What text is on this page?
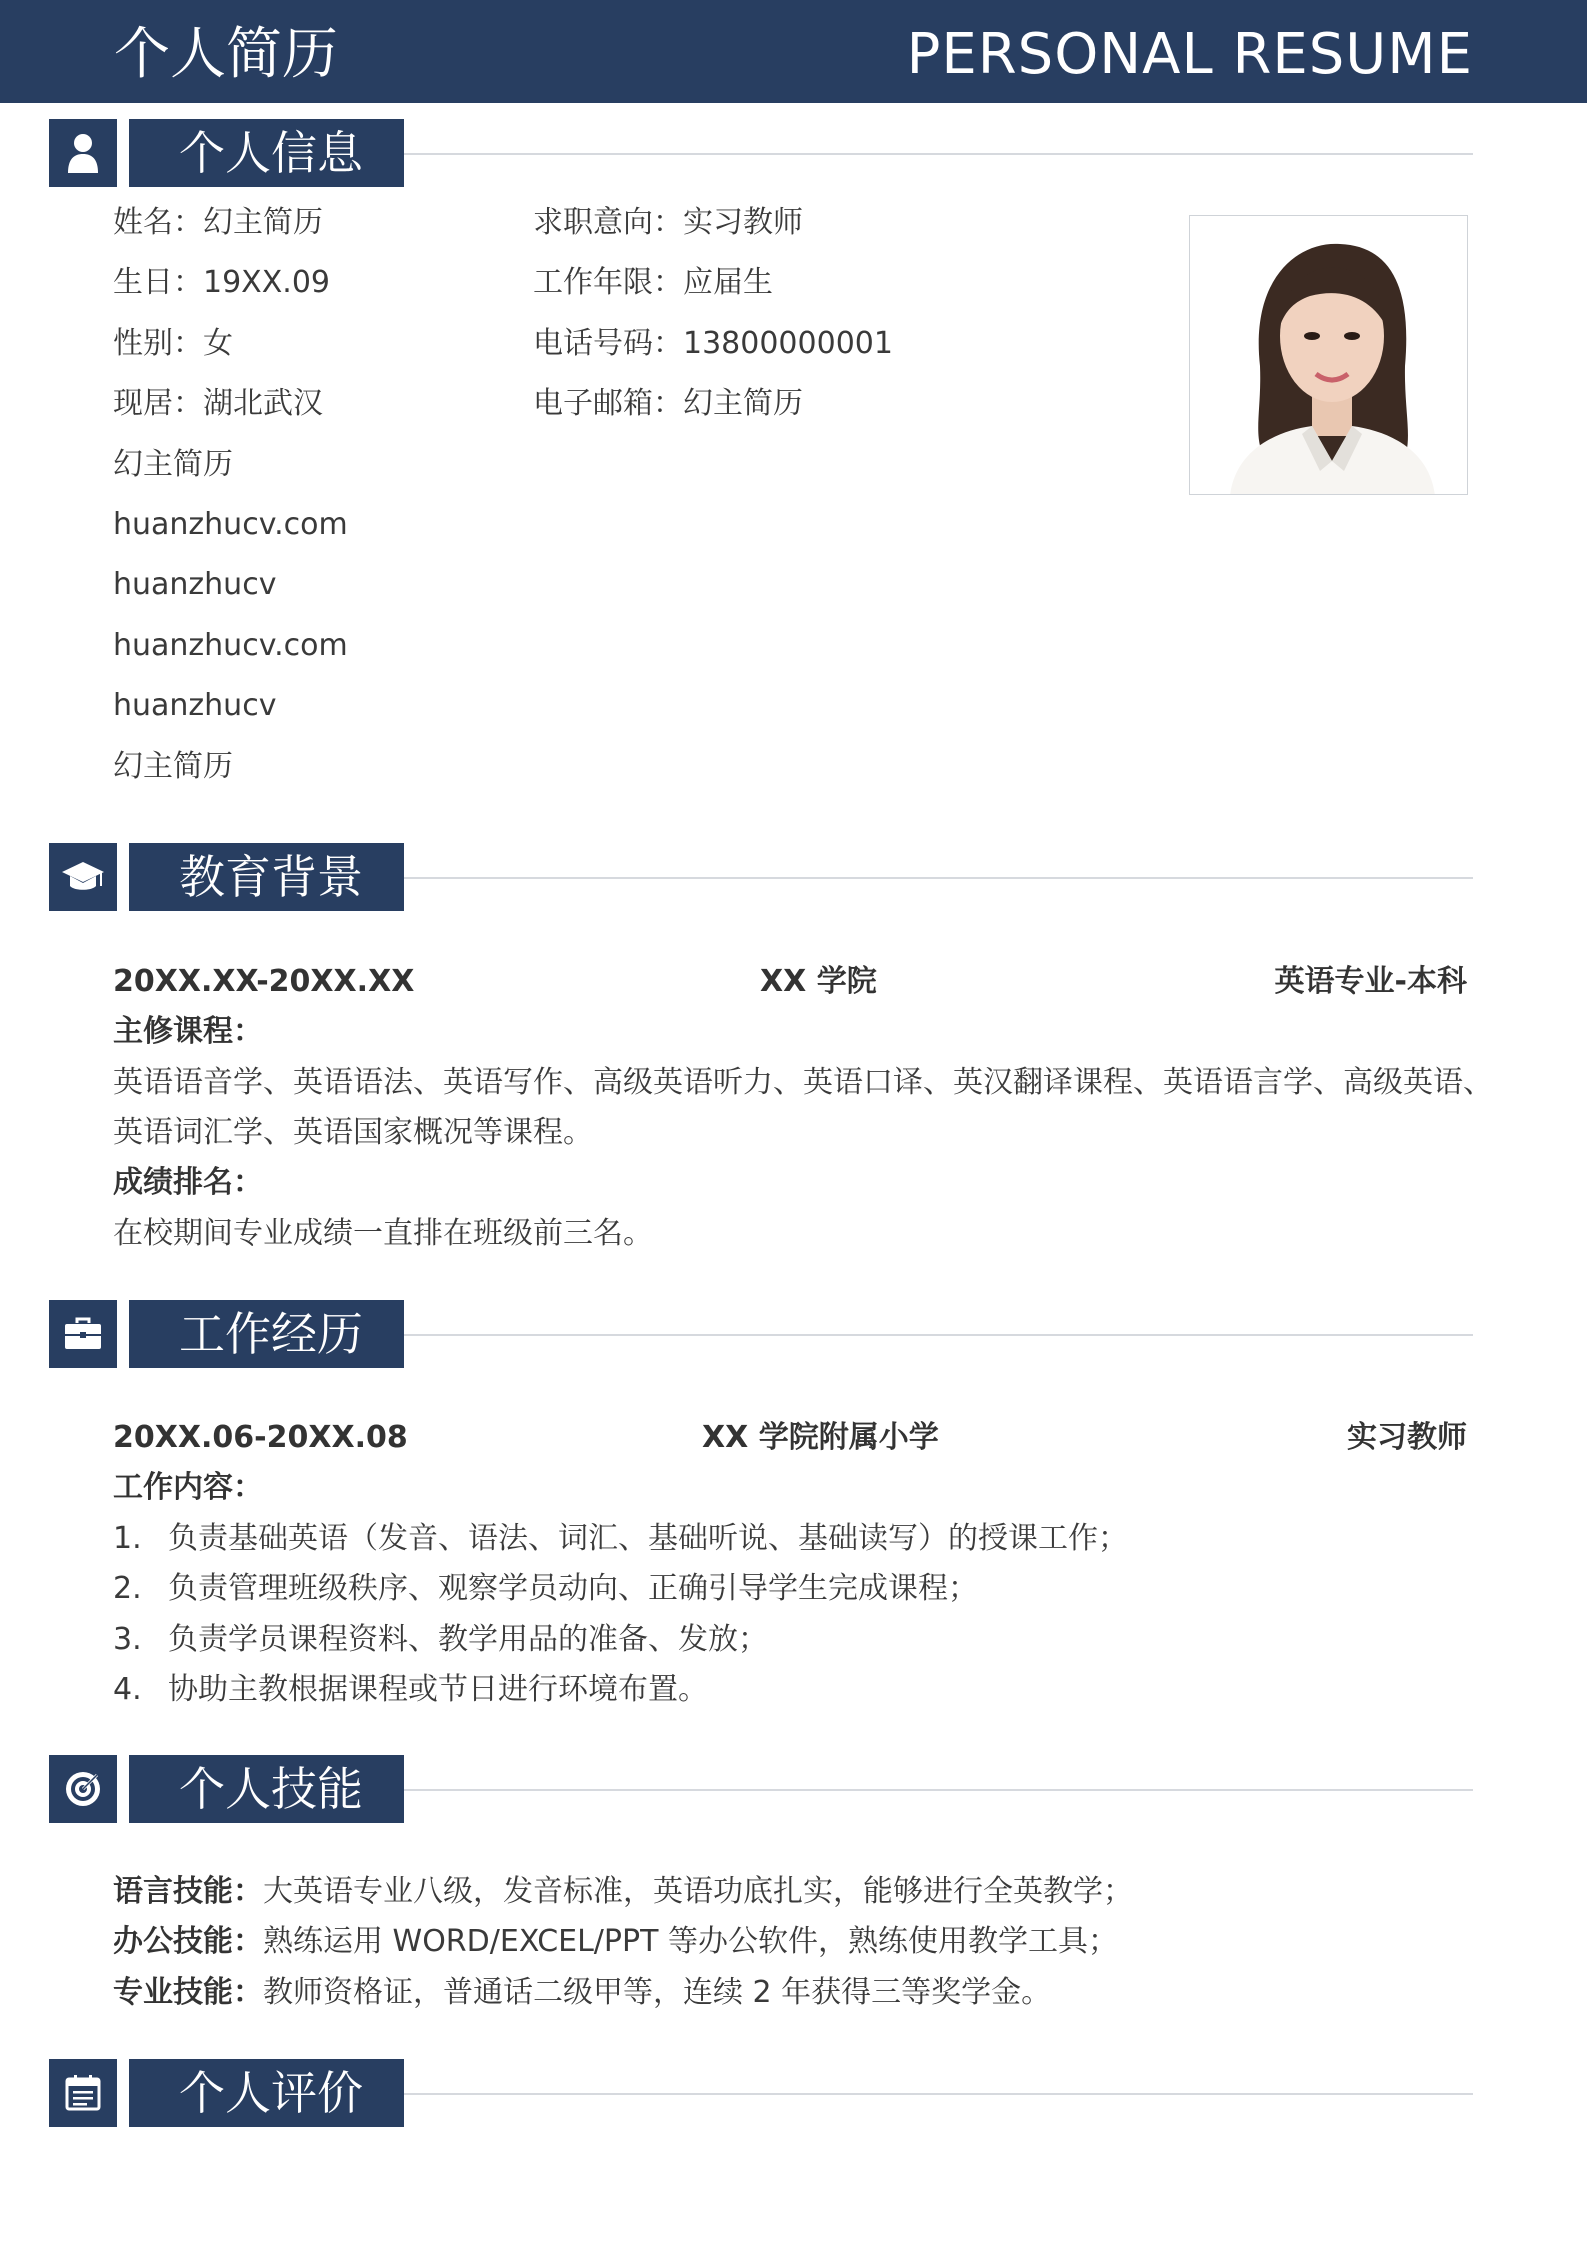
个人简历	PERSONAL RESUME
个人信息
姓名：幻主简历
生日：19XX.09
性别：女
现居：湖北武汉
幻主简历
huanzhucv.com
huanzhucv
huanzhucv.com
huanzhucv
幻主简历
求职意向：实习教师
工作年限：应届生
电话号码：13800000001
电子邮箱：幻主简历
教育背景
20XX.XX-20XX.XX	XX 学院	英语专业-本科
主修课程：
英语语音学、英语语法、英语写作、高级英语听力、英语口译、英汉翻译课程、英语语言学、高级英语、
英语词汇学、英语国家概况等课程。
成绩排名：
在校期间专业成绩一直排在班级前三名。
工作经历
20XX.06-20XX.08	XX 学院附属小学	实习教师
工作内容：
1. 负责基础英语（发音、语法、词汇、基础听说、基础读写）的授课工作；
2. 负责管理班级秩序、观察学员动向、正确引导学生完成课程；
3. 负责学员课程资料、教学用品的准备、发放；
4. 协助主教根据课程或节日进行环境布置。
个人技能
语言技能：大英语专业八级，发音标准，英语功底扎实，能够进行全英教学；
办公技能：熟练运用 WORD/EXCEL/PPT 等办公软件，熟练使用教学工具；
专业技能：教师资格证，普通话二级甲等，连续 2 年获得三等奖学金。
个人评价
